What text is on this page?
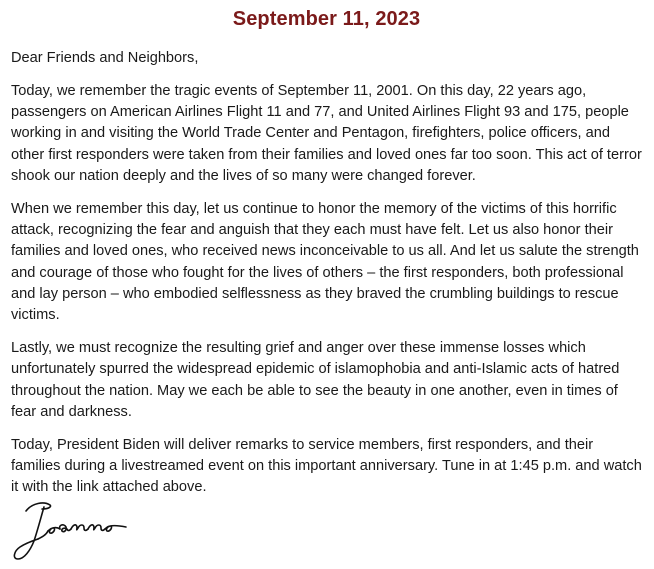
September 11, 2023

Dear Friends and Neighbors,

Today, we remember the tragic events of September 11, 2001. On this day, 22 years ago, passengers on American Airlines Flight 11 and 77, and United Airlines Flight 93 and 175, people working in and visiting the World Trade Center and Pentagon, firefighters, police officers, and other first responders were taken from their families and loved ones far too soon. This act of terror shook our nation deeply and the lives of so many were changed forever.

When we remember this day, let us continue to honor the memory of the victims of this horrific attack, recognizing the fear and anguish that they each must have felt. Let us also honor their families and loved ones, who received news inconceivable to us all. And let us salute the strength and courage of those who fought for the lives of others – the first responders, both professional and lay person – who embodied selflessness as they braved the crumbling buildings to rescue victims.

Lastly, we must recognize the resulting grief and anger over these immense losses which unfortunately spurred the widespread epidemic of islamophobia and anti-Islamic acts of hatred throughout the nation. May we each be able to see the beauty in one another, even in times of fear and darkness.

Today, President Biden will deliver remarks to service members, first responders, and their families during a livestreamed event on this important anniversary. Tune in at 1:45 p.m. and watch it with the link attached above.
